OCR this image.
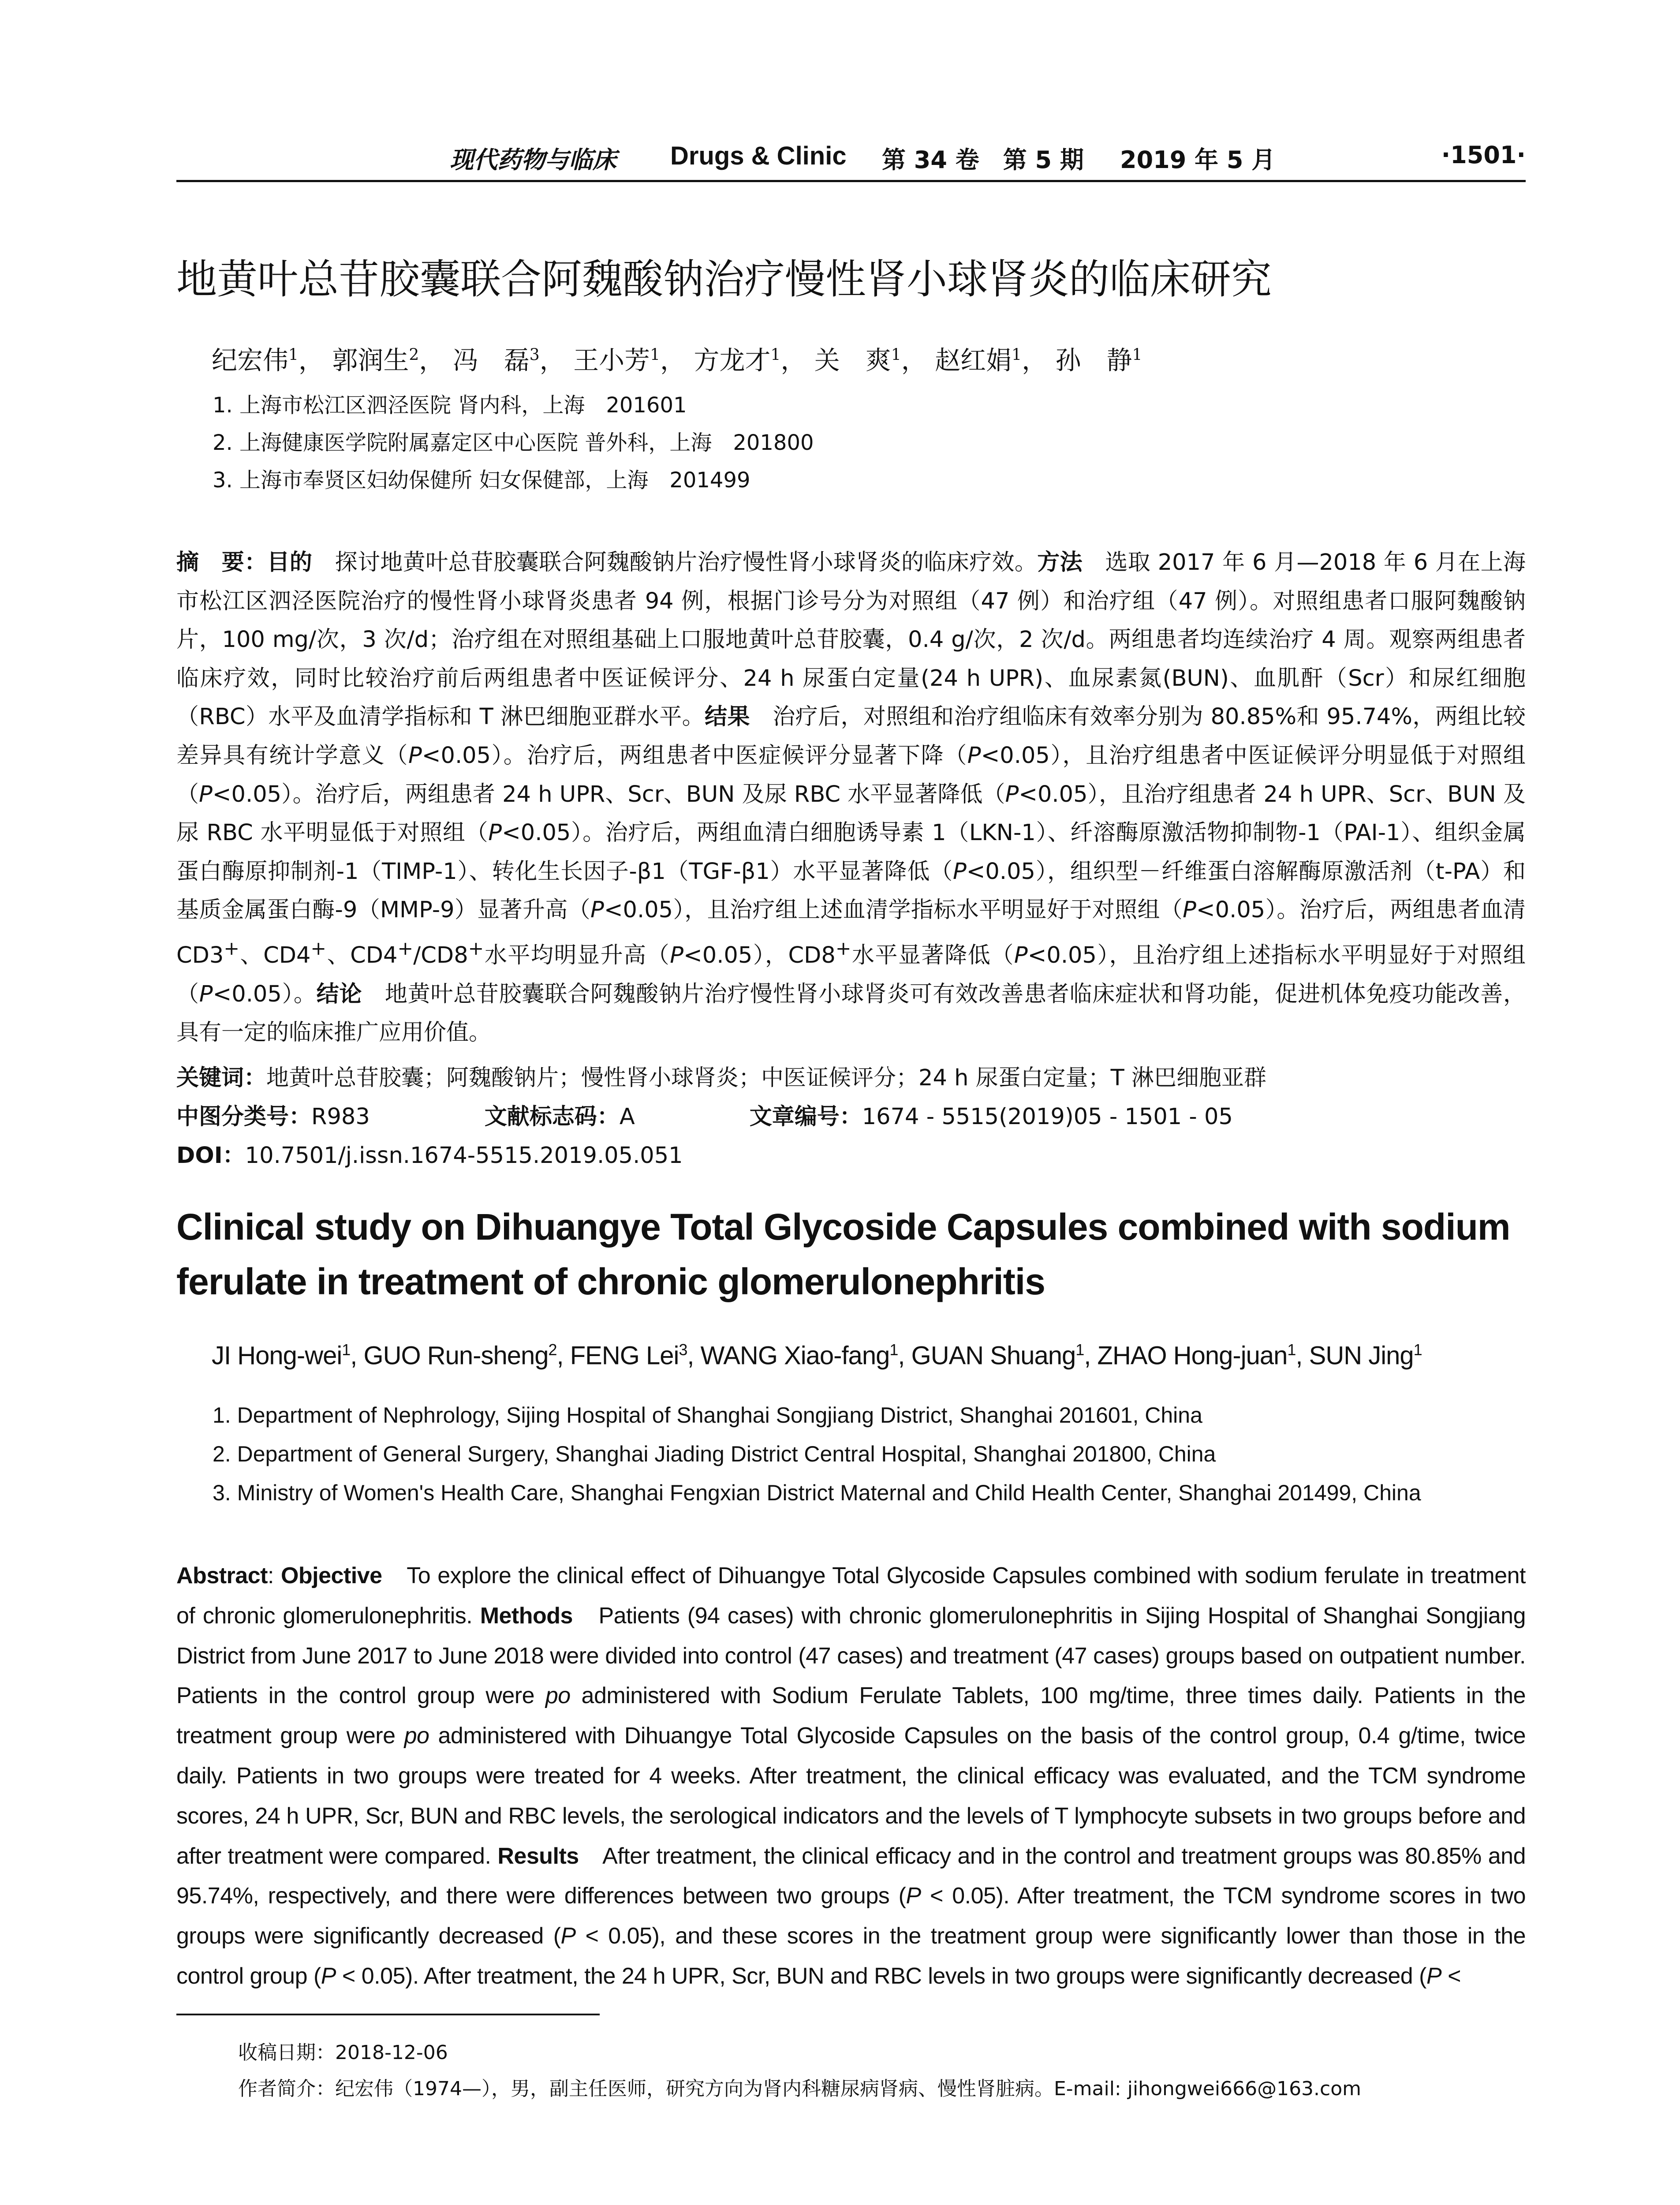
现代药物与临床 Drugs & Clinic 第 34 卷　第 5 期 2019 年 5 月	·1501·
地黄叶总苷胶囊联合阿魏酸钠治疗慢性肾小球肾炎的临床研究
纪宏伟$^1$， 郭润生$^2$， 冯　磊$^3$， 王小芳$^1$， 方龙才$^1$， 关　爽$^1$， 赵红娟$^1$， 孙　静$^1$
1. 上海市松江区泗泾医院 肾内科，上海　201601
2. 上海健康医学院附属嘉定区中心医院 普外科，上海　201800
3. 上海市奉贤区妇幼保健所 妇女保健部，上海　201499
摘　要：目的　探讨地黄叶总苷胶囊联合阿魏酸钠片治疗慢性肾小球肾炎的临床疗效。方法　选取 2017 年 6 月—2018 年 6 月在上海市松江区泗泾医院治疗的慢性肾小球肾炎患者 94 例，根据门诊号分为对照组（47 例）和治疗组（47 例）。对照组患者口服阿魏酸钠片，100 mg/次，3 次/d；治疗组在对照组基础上口服地黄叶总苷胶囊，0.4 g/次，2 次/d。两组患者均连续治疗 4 周。观察两组患者临床疗效，同时比较治疗前后两组患者中医证候评分、24 h 尿蛋白定量(24 h UPR)、血尿素氮(BUN)、血肌酐（Scr）和尿红细胞（RBC）水平及血清学指标和 T 淋巴细胞亚群水平。结果　治疗后，对照组和治疗组临床有效率分别为 80.85%和 95.74%，两组比较差异具有统计学意义（P<0.05）。治疗后，两组患者中医症候评分显著下降（P<0.05），且治疗组患者中医证候评分明显低于对照组（P<0.05）。治疗后，两组患者 24 h UPR、Scr、BUN 及尿 RBC 水平显著降低（P<0.05），且治疗组患者 24 h UPR、Scr、BUN 及尿 RBC 水平明显低于对照组（P<0.05）。治疗后，两组血清白细胞诱导素 1（LKN-1）、纤溶酶原激活物抑制物-1（PAI-1）、组织金属蛋白酶原抑制剂-1（TIMP-1）、转化生长因子-β1（TGF-β1）水平显著降低（P<0.05），组织型－纤维蛋白溶解酶原激活剂（t-PA）和基质金属蛋白酶-9（MMP-9）显著升高（P<0.05），且治疗组上述血清学指标水平明显好于对照组（P<0.05）。治疗后，两组患者血清 CD3+、CD4+、CD4+/CD8+水平均明显升高（P<0.05），CD8+水平显著降低（P<0.05），且治疗组上述指标水平明显好于对照组（P<0.05）。结论　地黄叶总苷胶囊联合阿魏酸钠片治疗慢性肾小球肾炎可有效改善患者临床症状和肾功能，促进机体免疫功能改善，具有一定的临床推广应用价值。
关键词：地黄叶总苷胶囊；阿魏酸钠片；慢性肾小球肾炎；中医证候评分；24 h 尿蛋白定量；T 淋巴细胞亚群
中图分类号：R983	文献标志码：A	文章编号：1674 - 5515(2019)05 - 1501 - 05
DOI：10.7501/j.issn.1674-5515.2019.05.051
Clinical study on Dihuangye Total Glycoside Capsules combined with sodium ferulate in treatment of chronic glomerulonephritis
JI Hong-wei$^1$, GUO Run-sheng$^2$, FENG Lei$^3$, WANG Xiao-fang$^1$, GUAN Shuang$^1$, ZHAO Hong-juan$^1$, SUN Jing$^1$
1. Department of Nephrology, Sijing Hospital of Shanghai Songjiang District, Shanghai 201601, China
2. Department of General Surgery, Shanghai Jiading District Central Hospital, Shanghai 201800, China
3. Ministry of Women's Health Care, Shanghai Fengxian District Maternal and Child Health Center, Shanghai 201499, China
Abstract: Objective　To explore the clinical effect of Dihuangye Total Glycoside Capsules combined with sodium ferulate in treatment of chronic glomerulonephritis. Methods　Patients (94 cases) with chronic glomerulonephritis in Sijing Hospital of Shanghai Songjiang District from June 2017 to June 2018 were divided into control (47 cases) and treatment (47 cases) groups based on outpatient number. Patients in the control group were po administered with Sodium Ferulate Tablets, 100 mg/time, three times daily. Patients in the treatment group were po administered with Dihuangye Total Glycoside Capsules on the basis of the control group, 0.4 g/time, twice daily. Patients in two groups were treated for 4 weeks. After treatment, the clinical efficacy was evaluated, and the TCM syndrome scores, 24 h UPR, Scr, BUN and RBC levels, the serological indicators and the levels of T lymphocyte subsets in two groups before and after treatment were compared. Results　After treatment, the clinical efficacy and in the control and treatment groups was 80.85% and 95.74%, respectively, and there were differences between two groups (P < 0.05). After treatment, the TCM syndrome scores in two groups were significantly decreased (P < 0.05), and these scores in the treatment group were significantly lower than those in the control group (P < 0.05). After treatment, the 24 h UPR, Scr, BUN and RBC levels in two groups were significantly decreased (P <
收稿日期：2018-12-06
作者简介：纪宏伟（1974—），男，副主任医师，研究方向为肾内科糖尿病肾病、慢性肾脏病。E-mail: jihongwei666@163.com
